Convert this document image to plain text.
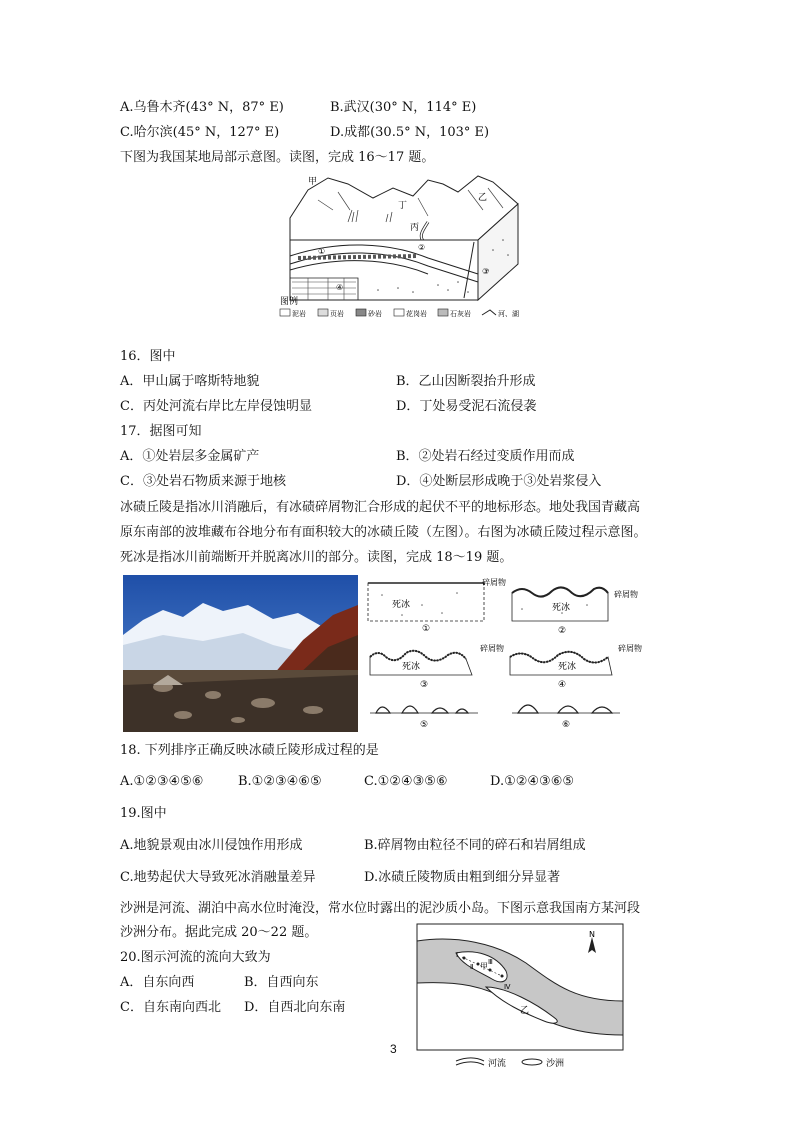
A.乌鲁木齐(43° N，87° E)	B.武汉(30° N，114° E)
C.哈尔滨(45° N，127° E)	D.成都(30.5° N，103° E)
下图为我国某地局部示意图。读图，完成 16～17 题。
甲
乙
丙
丁
①	②
③
④
图例
泥岩	页岩	砂岩	花岗岩	石灰岩	河、湖
16．图中
A．甲山属于喀斯特地貌	B．乙山因断裂抬升形成
C．丙处河流右岸比左岸侵蚀明显	D．丁处易受泥石流侵袭
17．据图可知
A．①处岩层多金属矿产	B．②处岩石经过变质作用而成
C．③处岩石物质来源于地核	D．④处断层形成晚于③处岩浆侵入
冰碛丘陵是指冰川消融后，有冰碛碎屑物汇合形成的起伏不平的地标形态。地处我国青藏高
原东南部的波堆藏布谷地分布有面积较大的冰碛丘陵（左图）。右图为冰碛丘陵过程示意图。
死冰是指冰川前端断开并脱离冰川的部分。读图，完成 18～19 题。
死冰
碎屑物
①
死冰
碎屑物
②
死冰
碎屑物
③
死冰
碎屑物
④
⑤	⑥
18. 下列排序正确反映冰碛丘陵形成过程的是
A.①②③④⑤⑥	B.①②③④⑥⑤	C.①②④③⑤⑥	D.①②④③⑥⑤
19.图中
A.地貌景观由冰川侵蚀作用形成	B.碎屑物由粒径不同的碎石和岩屑组成
C.地势起伏大导致死冰消融量差异	D.冰碛丘陵物质由粗到细分异显著
沙洲是河流、湖泊中高水位时淹没，常水位时露出的泥沙质小岛。下图示意我国南方某河段
沙洲分布。据此完成 20～22 题。
20.图示河流的流向大致为
A．自东向西	B．自西向东
C．自东南向西北 D．自西北向东南
Ⅰ
Ⅱ
Ⅲ
Ⅳ
甲
乙
N
河流	沙洲
3
